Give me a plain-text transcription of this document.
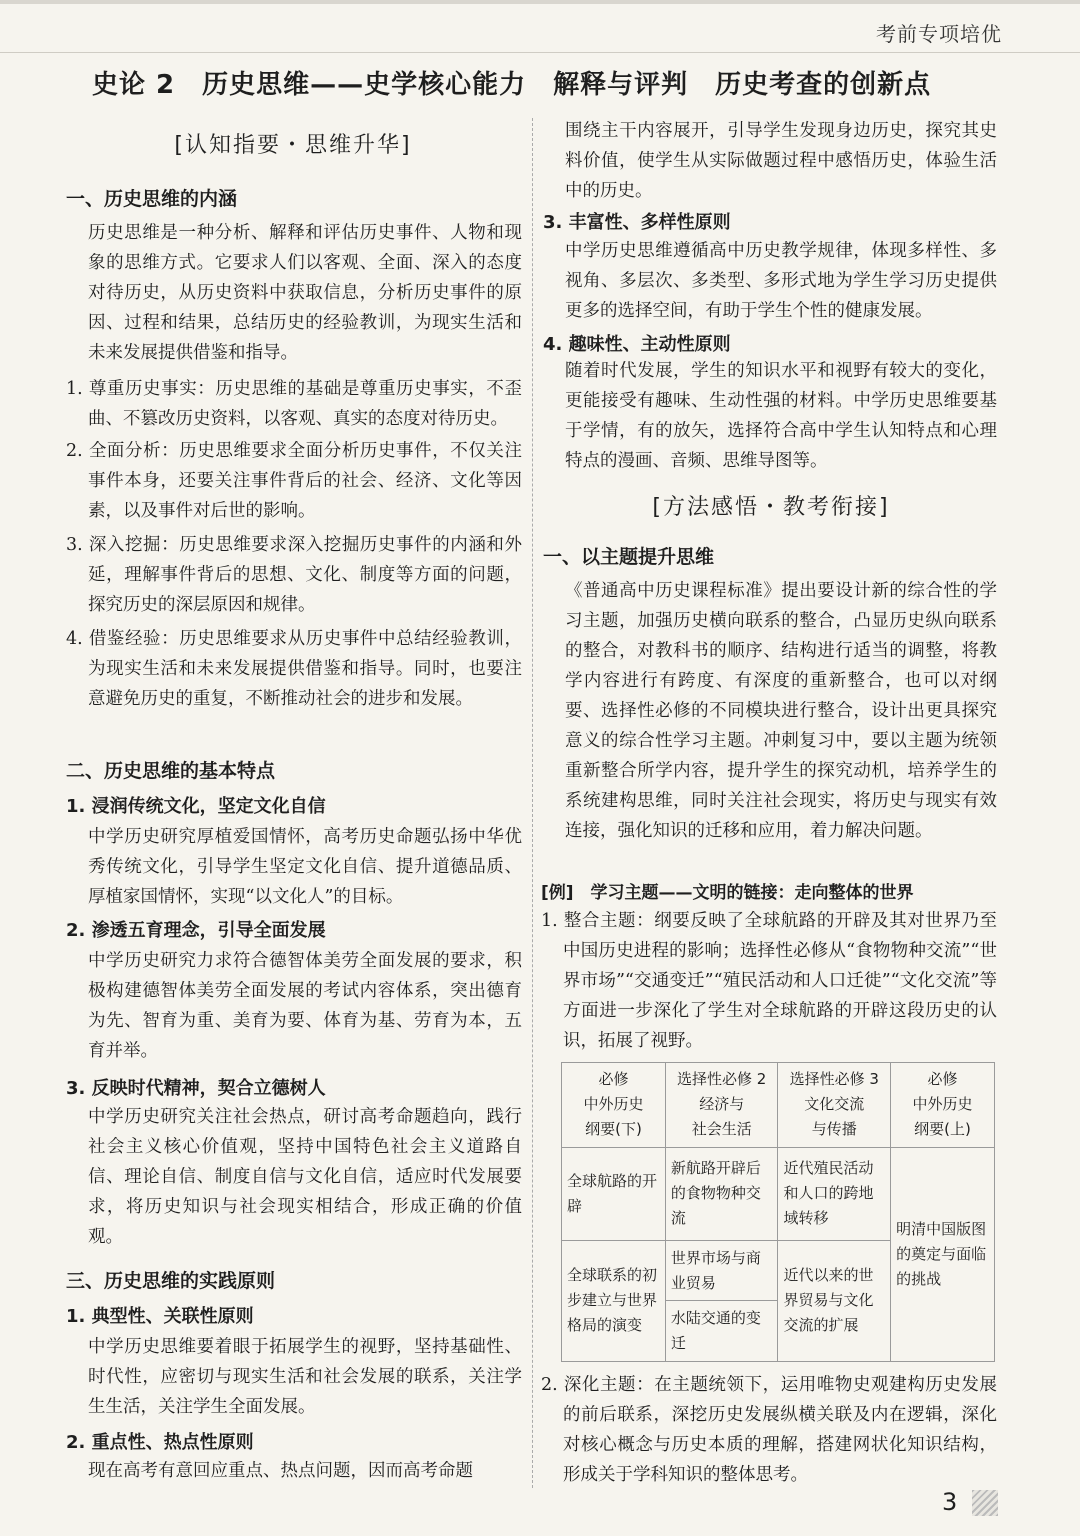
考前专项培优
史论 2　历史思维——史学核心能力　解释与评判　历史考查的创新点
[认知指要・思维升华]
一、历史思维的内涵
历史思维是一种分析、解释和评估历史事件、人物和现象的思维方式。它要求人们以客观、全面、深入的态度对待历史，从历史资料中获取信息，分析历史事件的原因、过程和结果，总结历史的经验教训，为现实生活和未来发展提供借鉴和指导。
1. 尊重历史事实：历史思维的基础是尊重历史事实，不歪曲、不篡改历史资料，以客观、真实的态度对待历史。
2. 全面分析：历史思维要求全面分析历史事件，不仅关注事件本身，还要关注事件背后的社会、经济、文化等因素，以及事件对后世的影响。
3. 深入挖掘：历史思维要求深入挖掘历史事件的内涵和外延，理解事件背后的思想、文化、制度等方面的问题，探究历史的深层原因和规律。
4. 借鉴经验：历史思维要求从历史事件中总结经验教训，为现实生活和未来发展提供借鉴和指导。同时，也要注意避免历史的重复，不断推动社会的进步和发展。
二、历史思维的基本特点
1. 浸润传统文化，坚定文化自信
中学历史研究厚植爱国情怀，高考历史命题弘扬中华优秀传统文化，引导学生坚定文化自信、提升道德品质、厚植家国情怀，实现“以文化人”的目标。
2. 渗透五育理念，引导全面发展
中学历史研究力求符合德智体美劳全面发展的要求，积极构建德智体美劳全面发展的考试内容体系，突出德育为先、智育为重、美育为要、体育为基、劳育为本，五育并举。
3. 反映时代精神，契合立德树人
中学历史研究关注社会热点，研讨高考命题趋向，践行社会主义核心价值观，坚持中国特色社会主义道路自信、理论自信、制度自信与文化自信，适应时代发展要求，将历史知识与社会现实相结合，形成正确的价值观。
三、历史思维的实践原则
1. 典型性、关联性原则
中学历史思维要着眼于拓展学生的视野，坚持基础性、时代性，应密切与现实生活和社会发展的联系，关注学生生活，关注学生全面发展。
2. 重点性、热点性原则
现在高考有意回应重点、热点问题，因而高考命题
围绕主干内容展开，引导学生发现身边历史，探究其史料价值，使学生从实际做题过程中感悟历史，体验生活中的历史。
3. 丰富性、多样性原则
中学历史思维遵循高中历史教学规律，体现多样性、多视角、多层次、多类型、多形式地为学生学习历史提供更多的选择空间，有助于学生个性的健康发展。
4. 趣味性、主动性原则
随着时代发展，学生的知识水平和视野有较大的变化，更能接受有趣味、生动性强的材料。中学历史思维要基于学情，有的放矢，选择符合高中学生认知特点和心理特点的漫画、音频、思维导图等。
[方法感悟・教考衔接]
一、以主题提升思维
《普通高中历史课程标准》提出要设计新的综合性的学习主题，加强历史横向联系的整合，凸显历史纵向联系的整合，对教科书的顺序、结构进行适当的调整，将教学内容进行有跨度、有深度的重新整合，也可以对纲要、选择性必修的不同模块进行整合，设计出更具探究意义的综合性学习主题。冲刺复习中，要以主题为统领重新整合所学内容，提升学生的探究动机，培养学生的系统建构思维，同时关注社会现实，将历史与现实有效连接，强化知识的迁移和应用，着力解决问题。
[例]　学习主题——文明的链接：走向整体的世界
1. 整合主题：纲要反映了全球航路的开辟及其对世界乃至中国历史进程的影响；选择性必修从“食物物种交流”“世界市场”“交通变迁”“殖民活动和人口迁徙”“文化交流”等方面进一步深化了学生对全球航路的开辟这段历史的认识，拓展了视野。
必修
中外历史
纲要(下)	选择性必修 2
经济与
社会生活	选择性必修 3
文化交流
与传播	必修
中外历史
纲要(上)
全球航路的开辟	新航路开辟后的食物物种交流	近代殖民活动和人口的跨地域转移	明清中国版图的奠定与面临的挑战
全球联系的初步建立与世界格局的演变	世界市场与商业贸易	近代以来的世界贸易与文化交流的扩展	
	水陆交通的变迁		
2. 深化主题：在主题统领下，运用唯物史观建构历史发展的前后联系，深挖历史发展纵横关联及内在逻辑，深化对核心概念与历史本质的理解，搭建网状化知识结构，形成关于学科知识的整体思考。
3
